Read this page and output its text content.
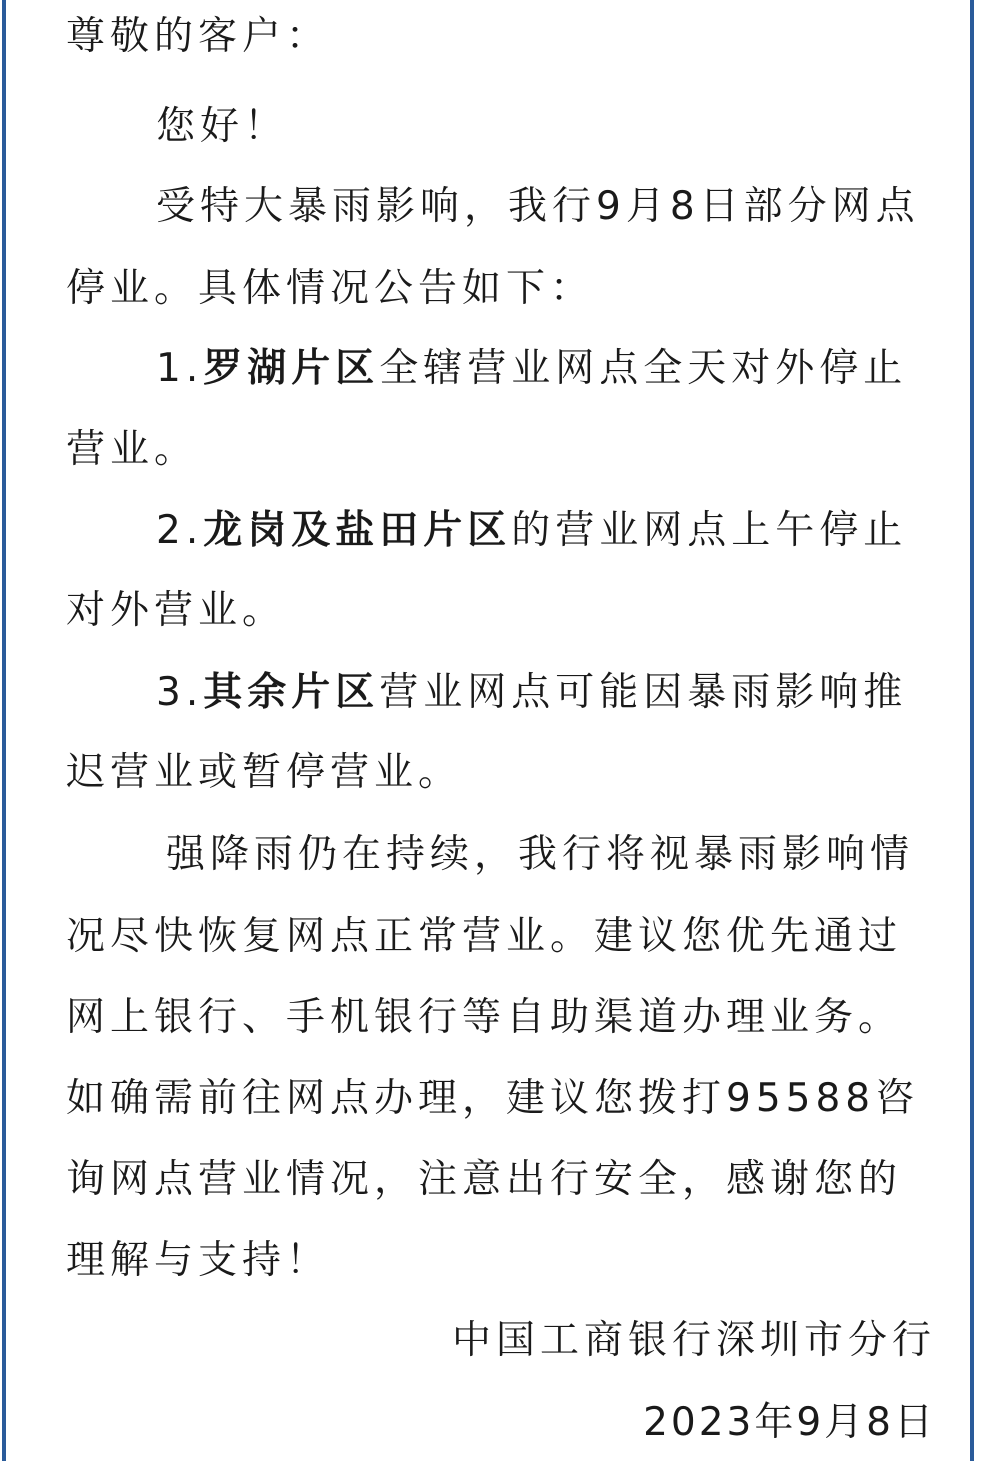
尊敬的客户：
您好！
受特大暴雨影响，我行9月8日部分网点
停业。具体情况公告如下：
1.罗湖片区全辖营业网点全天对外停止
营业。
2.龙岗及盐田片区的营业网点上午停止
对外营业。
3.其余片区营业网点可能因暴雨影响推
迟营业或暂停营业。
强降雨仍在持续，我行将视暴雨影响情
况尽快恢复网点正常营业。建议您优先通过
网上银行、手机银行等自助渠道办理业务。
如确需前往网点办理，建议您拨打95588咨
询网点营业情况，注意出行安全，感谢您的
理解与支持！
中国工商银行深圳市分行
2023年9月8日
